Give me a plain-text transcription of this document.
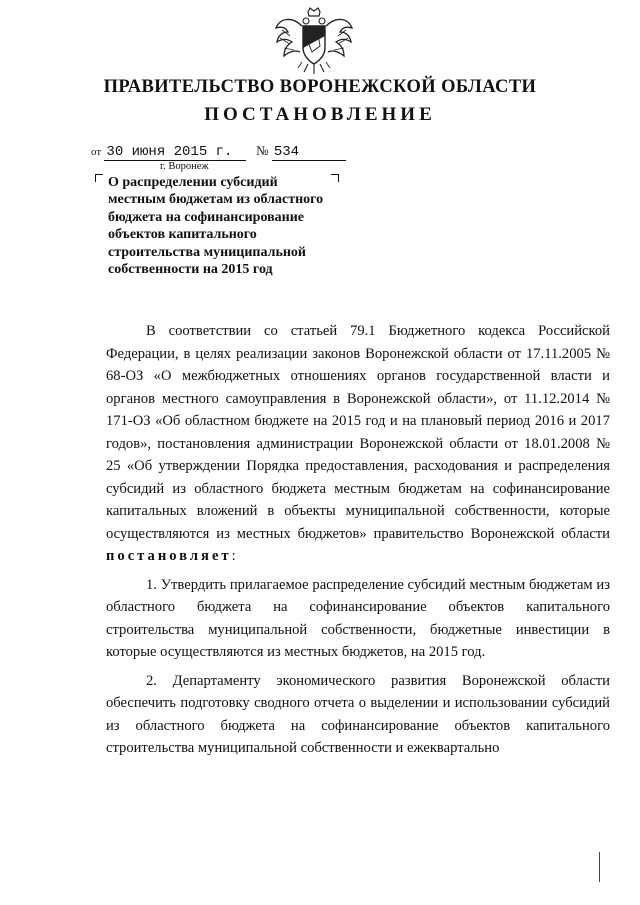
ПРАВИТЕЛЬСТВО ВОРОНЕЖСКОЙ ОБЛАСТИ
ПОСТАНОВЛЕНИЕ
от 30 июня 2015 г. № 534
г. Воронеж
О распределении субсидий местным бюджетам из областного бюджета на софинансирование объектов капитального строительства муниципальной собственности на 2015 год

В соответствии со статьей 79.1 Бюджетного кодекса Российской Федерации, в целях реализации законов Воронежской области от 17.11.2005 № 68-ОЗ «О межбюджетных отношениях органов государственной власти и органов местного самоуправления в Воронежской области», от 11.12.2014 № 171-ОЗ «Об областном бюджете на 2015 год и на плановый период 2016 и 2017 годов», постановления администрации Воронежской области от 18.01.2008 № 25 «Об утверждении Порядка предоставления, расходования и распределения субсидий из областного бюджета местным бюджетам на софинансирование капитальных вложений в объекты муниципальной собственности, которые осуществляются из местных бюджетов» правительство Воронежской области постановляет:

1. Утвердить прилагаемое распределение субсидий местным бюджетам из областного бюджета на софинансирование объектов капитального строительства муниципальной собственности, бюджетные инвестиции в которые осуществляются из местных бюджетов, на 2015 год.

2. Департаменту экономического развития Воронежской области обеспечить подготовку сводного отчета о выделении и использовании субсидий из областного бюджета на софинансирование объектов капитального строительства муниципальной собственности и ежеквартально
